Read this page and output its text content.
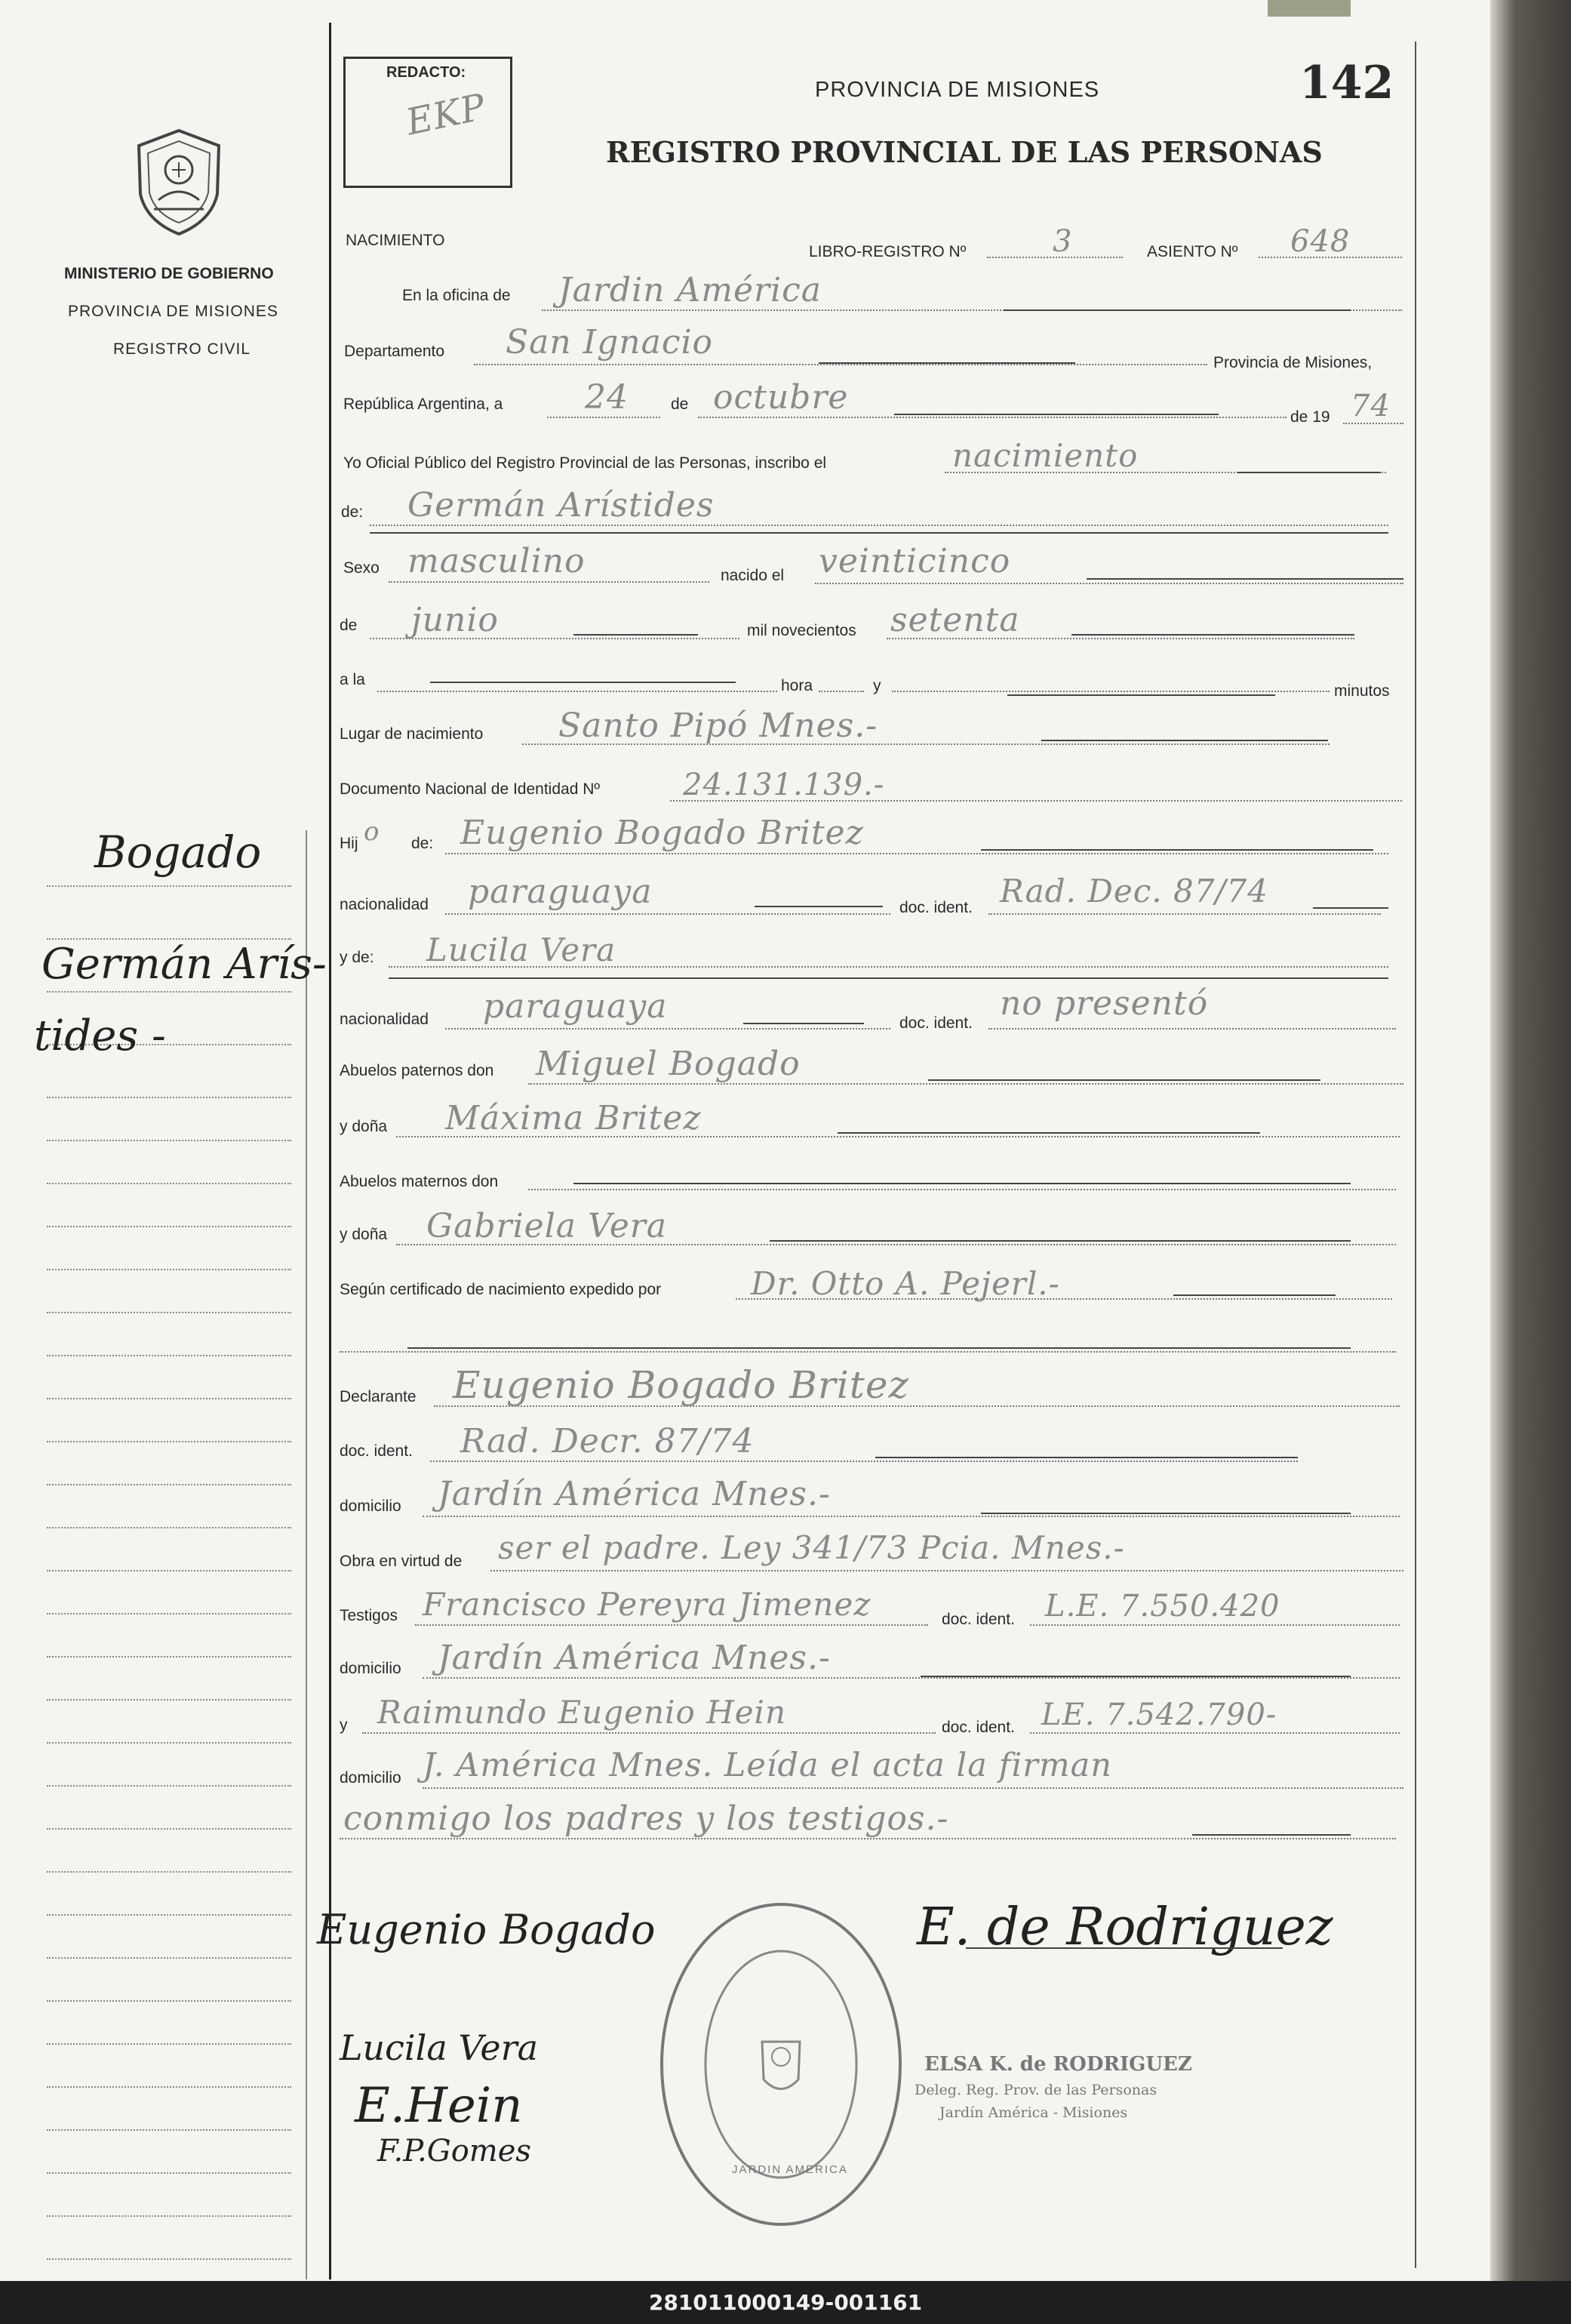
REDACTO:
EKP	PROVINCIA DE MISIONES	142
REGISTRO PROVINCIAL DE LAS PERSONAS
MINISTERIO DE GOBIERNO
PROVINCIA DE MISIONES
REGISTRO CIVIL
Bogado
Germán Arís-
tides -
NACIMIENTO
LIBRO-REGISTRO Nº	3	ASIENTO Nº 648
En la oficina de Jardin América
Departamento San Ignacio
Provincia de Misiones,
República Argentina, a 24	de octubre
de 19 74
Yo Oficial Público del Registro Provincial de las Personas, inscribo el	nacimiento
de: Germán Arístides
Sexo masculino	nacido el veinticinco
de junio	mil novecientos setenta
a la	hora	y	minutos
Lugar de nacimiento Santo Pipó Mnes.-
Documento Nacional de Identidad Nº	24.131.139.-
Hij o de: Eugenio Bogado Britez
nacionalidad paraguaya	doc. ident. Rad. Dec. 87/74
y de: Lucila Vera
nacionalidad paraguaya	doc. ident.
no presentó
Abuelos paternos don Miguel Bogado
y doña Máxima Britez
Abuelos maternos don
y doña Gabriela Vera
Según certificado de nacimiento expedido por	Dr. Otto A. Pejerl.-
Declarante Eugenio Bogado Britez
doc. ident. Rad. Decr. 87/74
domicilio Jardín América Mnes.-
Obra en virtud de ser el padre. Ley 341/73 Pcia. Mnes.-
Testigos Francisco Pereyra Jimenez	doc. ident. L.E. 7.550.420
domicilio Jardín América Mnes.-
y Raimundo Eugenio Hein	doc. ident. LE. 7.542.790-
domicilio J. América Mnes. Leída el acta la firman
conmigo los padres y los testigos.-
Eugenio Bogado
Lucila Vera
E.Hein
F.P.Gomes
E. de Rodriguez
JARDIN AMERICA
ELSA K. de RODRIGUEZ
Deleg. Reg. Prov. de las Personas
Jardín América - Misiones
281011000149-001161
